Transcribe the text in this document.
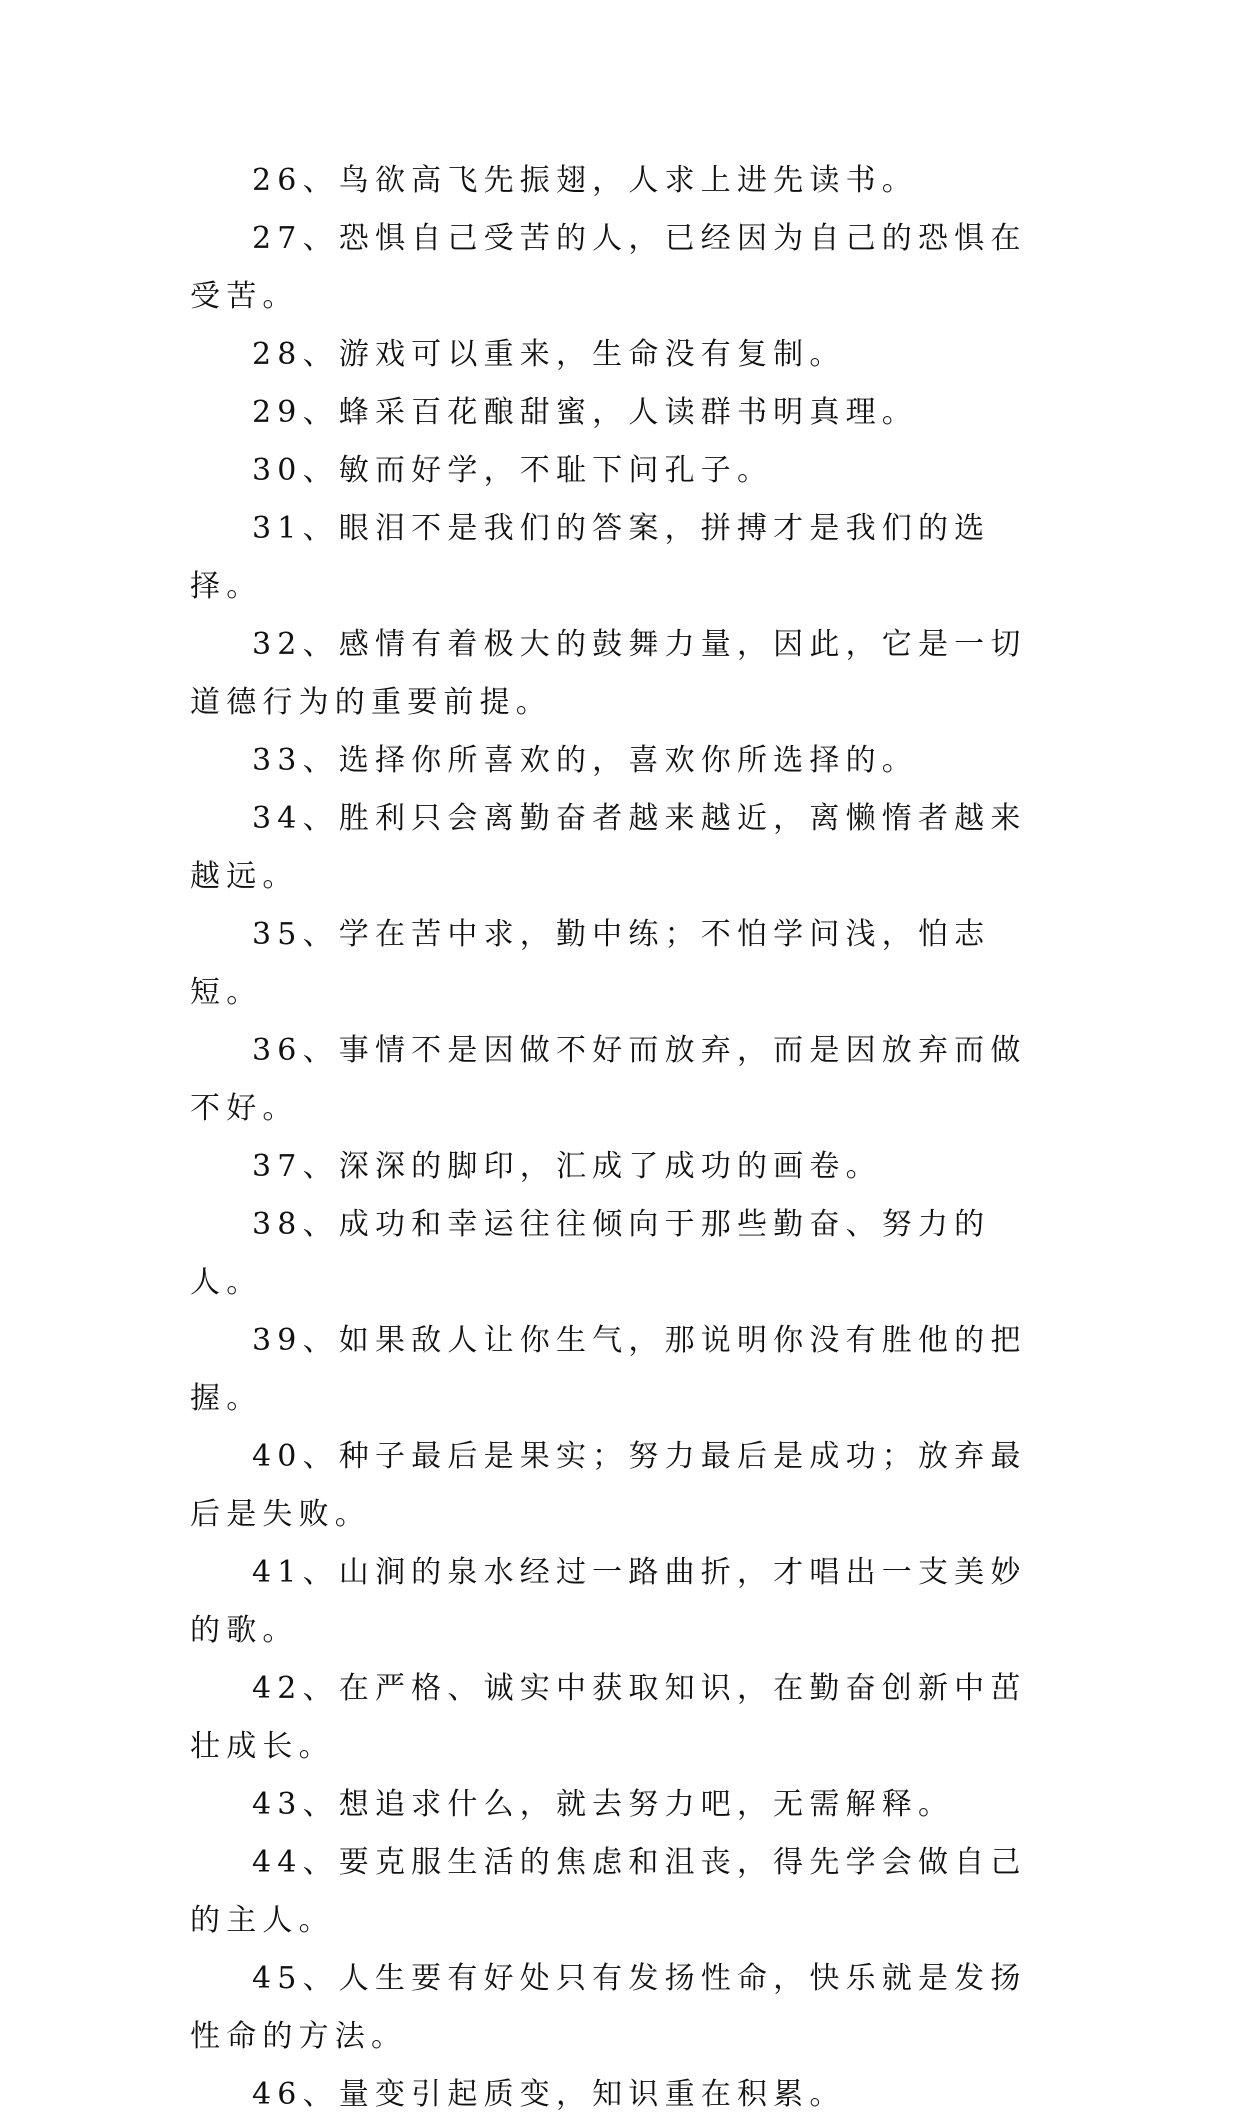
26、鸟欲高飞先振翅，人求上进先读书。

27、恐惧自己受苦的人，已经因为自己的恐惧在受苦。

28、游戏可以重来，生命没有复制。

29、蜂采百花酿甜蜜，人读群书明真理。

30、敏而好学，不耻下问孔子。

31、眼泪不是我们的答案，拼搏才是我们的选择。

32、感情有着极大的鼓舞力量，因此，它是一切道德行为的重要前提。

33、选择你所喜欢的，喜欢你所选择的。

34、胜利只会离勤奋者越来越近，离懒惰者越来越远。

35、学在苦中求，勤中练；不怕学问浅，怕志短。

36、事情不是因做不好而放弃，而是因放弃而做不好。

37、深深的脚印，汇成了成功的画卷。

38、成功和幸运往往倾向于那些勤奋、努力的人。

39、如果敌人让你生气，那说明你没有胜他的把握。

40、种子最后是果实；努力最后是成功；放弃最后是失败。

41、山涧的泉水经过一路曲折，才唱出一支美妙的歌。

42、在严格、诚实中获取知识，在勤奋创新中茁壮成长。

43、想追求什么，就去努力吧，无需解释。

44、要克服生活的焦虑和沮丧，得先学会做自己的主人。

45、人生要有好处只有发扬性命，快乐就是发扬性命的方法。

46、量变引起质变，知识重在积累。
